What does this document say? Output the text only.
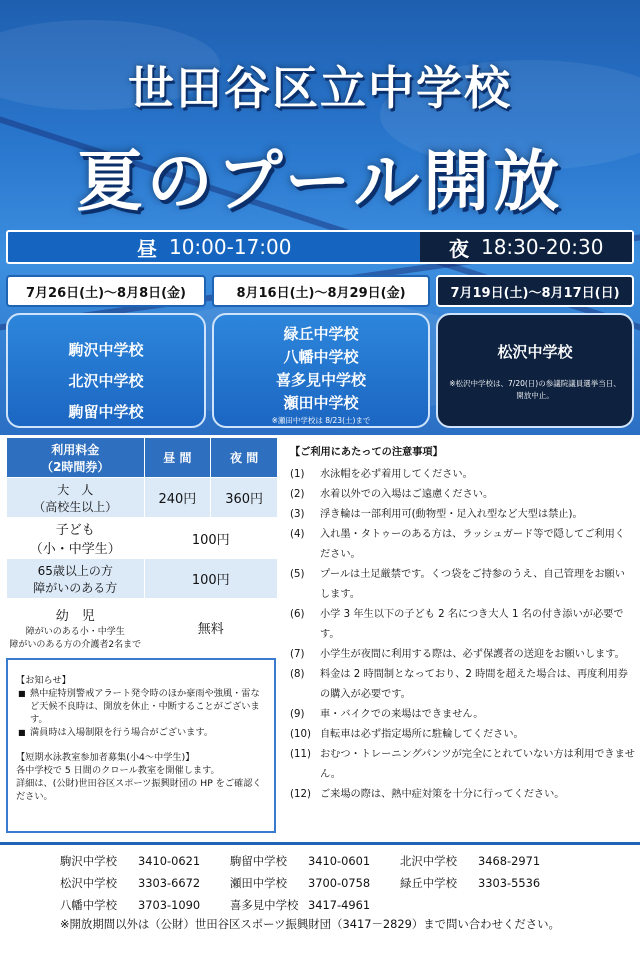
世田谷区立中学校
夏のプール開放
昼 10:00-17:00	夜 18:30-20:30
7月26日(土)～8月8日(金)	8月16日(土)～8月29日(金)	7月19日(土)～8月17日(日)
駒沢中学校
北沢中学校
駒留中学校
緑丘中学校
八幡中学校
喜多見中学校
瀬田中学校
※瀬田中学校は 8/23(土)まで
松沢中学校
※松沢中学校は、7/20(日)の参議院議員選挙当日、開放中止。
利用料金
（2時間券）	昼 間	夜 間

大　人
（高校生以上）	240円	360円

子ども
（小・中学生）	100円	

65歳以上の方
障がいのある方	100円	

幼　児
障がいのある小・中学生
障がいのある方の介護者2名まで	無料	
【お知らせ】
■ 熱中症特別警戒アラート発令時のほか豪雨や強風・雷など天候不良時は、開放を休止・中断することがございます。
■ 満員時は入場制限を行う場合がございます。
【短期水泳教室参加者募集(小4～中学生)】
各中学校で 5 日間のクロール教室を開催します。
詳細は、(公財)世田谷区スポーツ振興財団の HP をご確認ください。
【ご利用にあたっての注意事項】
(1)	水泳帽を必ず着用してください。
(2)	水着以外での入場はご遠慮ください。
(3)	浮き輪は一部利用可(動物型・足入れ型など大型は禁止)。
(4)	入れ墨・タトゥーのある方は、ラッシュガード等で隠してご利用ください。
(5)	プールは土足厳禁です。くつ袋をご持参のうえ、自己管理をお願いします。
(6)	小学 3 年生以下の子ども 2 名につき大人 1 名の付き添いが必要です。
(7)	小学生が夜間に利用する際は、必ず保護者の送迎をお願いします。
(8)	料金は 2 時間制となっており、2 時間を超えた場合は、再度利用券の購入が必要です。
(9)	車・バイクでの来場はできません。
(10) 自転車は必ず指定場所に駐輪してください。
(11) おむつ・トレーニングパンツが完全にとれていない方は利用できません。
(12) ご来場の際は、熱中症対策を十分に行ってください。
駒沢中学校	3410-0621	駒留中学校	3410-0601	北沢中学校	3468-2971
松沢中学校	3303-6672	瀬田中学校	3700-0758	緑丘中学校	3303-5536
八幡中学校	3703-1090	喜多見中学校 3417-4961
※開放期間以外は（公財）世田谷区スポーツ振興財団（3417－2829）まで問い合わせください。
